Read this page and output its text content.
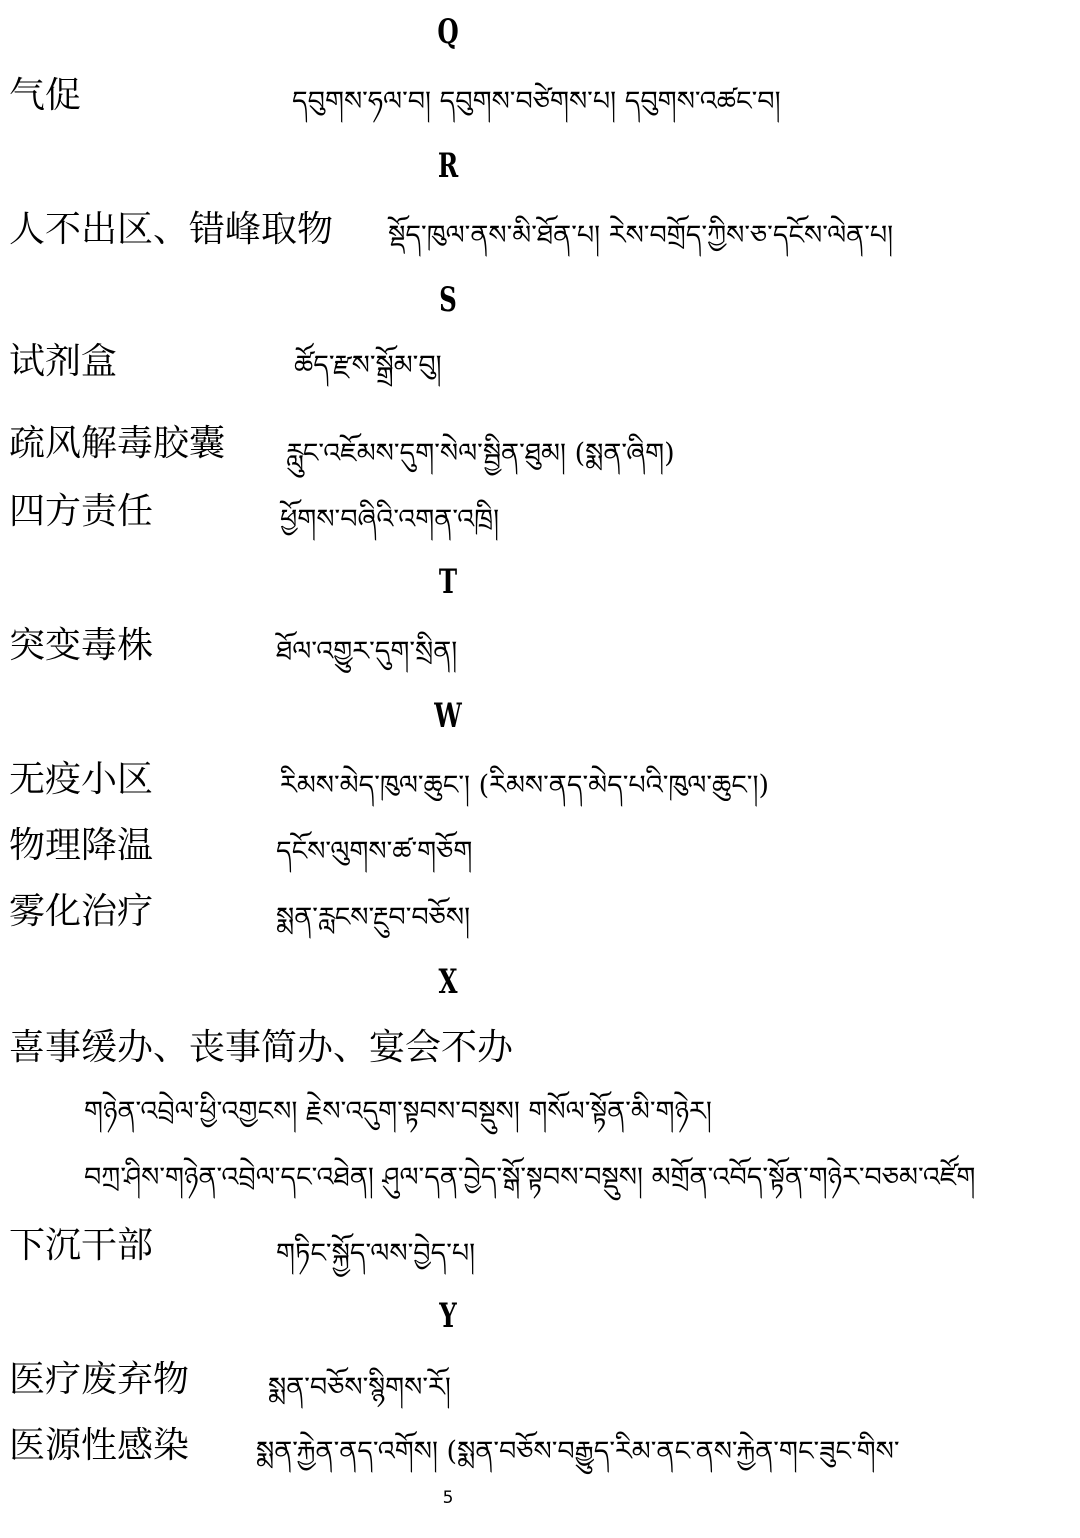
Q
气促	དབུགས་ཧལ་བ། དབུགས་བཙེགས་པ། དབུགས་འཚང་བ།
R
人不出区、错峰取物 སྡོད་ཁུལ་ནས་མི་ཐོན་པ། རེས་བགྲོད་ཀྱིས་ཅ་དངོས་ལེན་པ།
S
试剂盒	ཚོད་རྫས་སྒྲོམ་བུ།
疏风解毒胶囊 རླུང་འཇོམས་དུག་སེལ་སྦྱིན་ཐུམ། (སྨན་ཞིག)
四方责任	ཕྱོགས་བཞིའི་འགན་འཁྲི།
T
突变毒株	ཐོལ་འགྱུར་དུག་སྲིན།
W
无疫小区	རིམས་མེད་ཁུལ་ཆུང་། (རིམས་ནད་མེད་པའི་ཁུལ་ཆུང་།)
物理降温	དངོས་ལུགས་ཚ་གཅོག
雾化治疗	སྨན་རླངས་རྔུབ་བཅོས།
X
喜事缓办、丧事简办、宴会不办
གཉེན་འབྲེལ་ཕྱི་འགྱངས། རྗེས་འདུག་སྟབས་བསྡུས། གསོལ་སྟོན་མི་གཉེར།
བཀྲ་ཤིས་གཉེན་འབྲེལ་དང་འཐེན། ཤུལ་དན་བྱེད་སྒོ་སྟབས་བསྡུས། མགྲོན་འབོད་སྟོན་གཉེར་བཅམ་འཛོག
下沉干部	གཏིང་སྐྱོད་ལས་བྱེད་པ།
Y
医疗废弃物	སྨན་བཅོས་སྙིགས་རོ།
医源性感染 སྨན་རྐྱེན་ནད་འགོས། (སྨན་བཅོས་བརྒྱུད་རིམ་ནང་ནས་རྐྱེན་གང་ཟུང་གིས་
5
